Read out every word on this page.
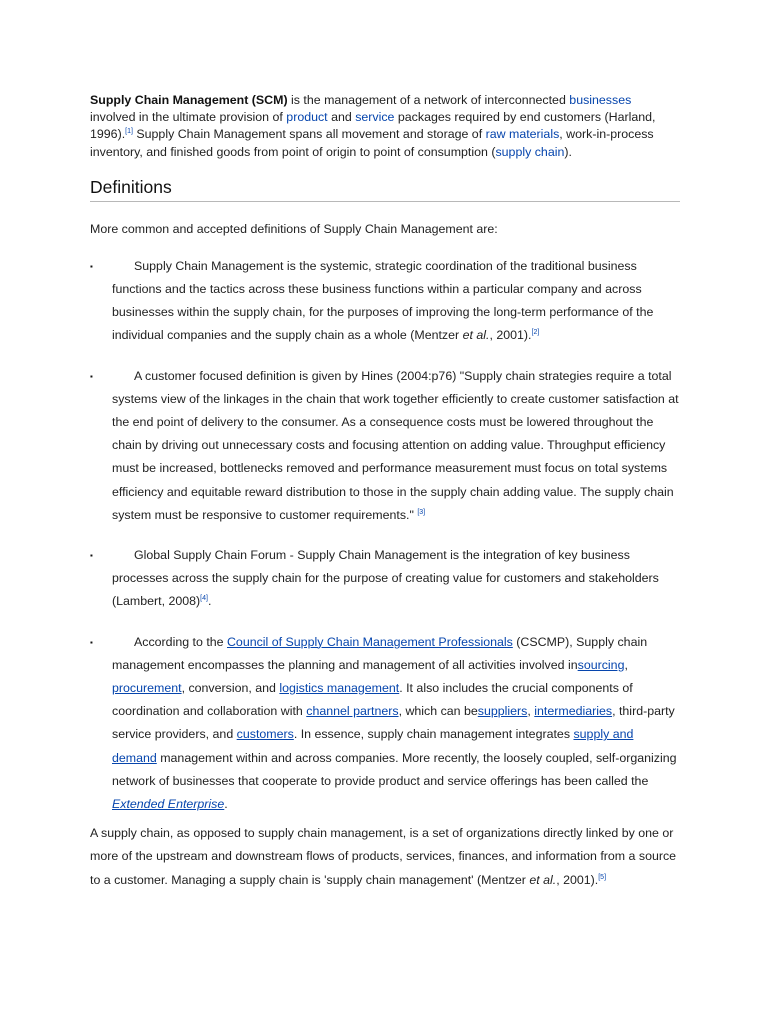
Supply Chain Management (SCM) is the management of a network of interconnected businesses involved in the ultimate provision of product and service packages required by end customers (Harland, 1996).[1] Supply Chain Management spans all movement and storage of raw materials, work-in-process inventory, and finished goods from point of origin to point of consumption (supply chain).

Definitions

More common and accepted definitions of Supply Chain Management are:

▪	Supply Chain Management is the systemic, strategic coordination of the traditional business functions and the tactics across these business functions within a particular company and across businesses within the supply chain, for the purposes of improving the long-term performance of the individual companies and the supply chain as a whole (Mentzer et al., 2001).[2]
▪	A customer focused definition is given by Hines (2004:p76) "Supply chain strategies require a total systems view of the linkages in the chain that work together efficiently to create customer satisfaction at the end point of delivery to the consumer. As a consequence costs must be lowered throughout the chain by driving out unnecessary costs and focusing attention on adding value. Throughput efficiency must be increased, bottlenecks removed and performance measurement must focus on total systems efficiency and equitable reward distribution to those in the supply chain adding value. The supply chain system must be responsive to customer requirements." [3]
▪	Global Supply Chain Forum - Supply Chain Management is the integration of key business processes across the supply chain for the purpose of creating value for customers and stakeholders (Lambert, 2008)[4].
▪	According to the Council of Supply Chain Management Professionals (CSCMP), Supply chain management encompasses the planning and management of all activities involved insourcing, procurement, conversion, and logistics management. It also includes the crucial components of coordination and collaboration with channel partners, which can besuppliers, intermediaries, third-party service providers, and customers. In essence, supply chain management integrates supply and demand management within and across companies. More recently, the loosely coupled, self-organizing network of businesses that cooperate to provide product and service offerings has been called the Extended Enterprise.

A supply chain, as opposed to supply chain management, is a set of organizations directly linked by one or more of the upstream and downstream flows of products, services, finances, and information from a source to a customer. Managing a supply chain is 'supply chain management' (Mentzer et al., 2001).[5]
